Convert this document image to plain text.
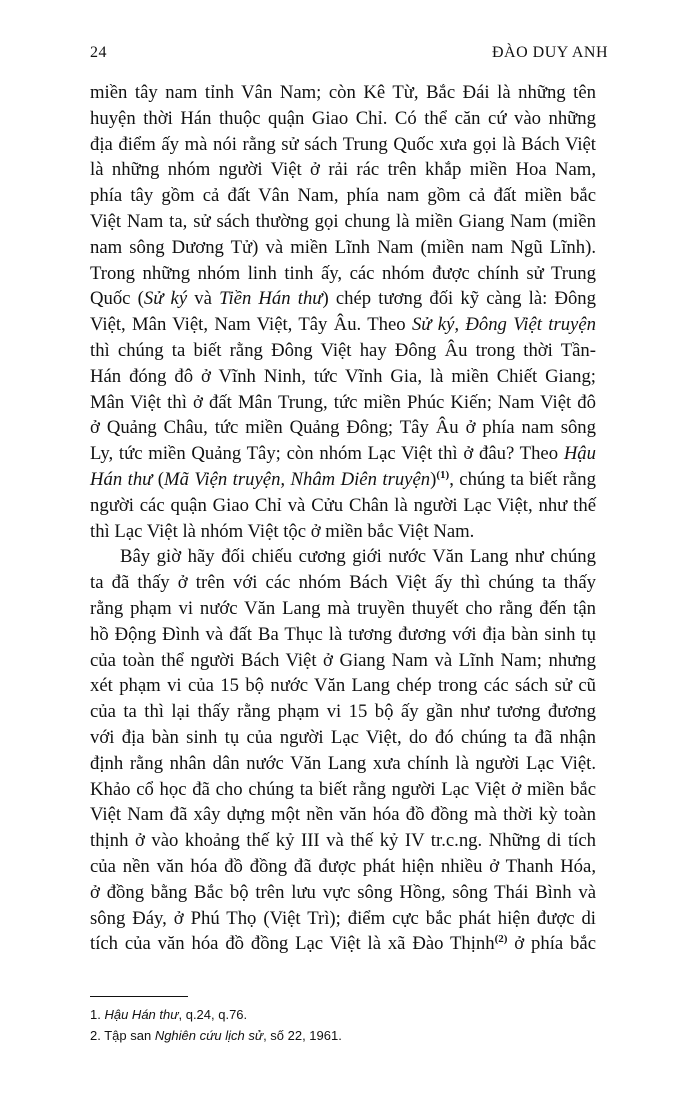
24	ĐÀO DUY ANH
miền tây nam tỉnh Vân Nam; còn Kê Từ, Bắc Đái là những tên
huyện thời Hán thuộc quận Giao Chỉ. Có thể căn cứ vào những
địa điểm ấy mà nói rằng sử sách Trung Quốc xưa gọi là Bách Việt
là những nhóm người Việt ở rải rác trên khắp miền Hoa Nam,
phía tây gồm cả đất Vân Nam, phía nam gồm cả đất miền bắc
Việt Nam ta, sử sách thường gọi chung là miền Giang Nam (miền
nam sông Dương Tử) và miền Lĩnh Nam (miền nam Ngũ Lĩnh).
Trong những nhóm linh tinh ấy, các nhóm được chính sử Trung
Quốc (Sử ký và Tiền Hán thư) chép tương đối kỹ càng là: Đông
Việt, Mân Việt, Nam Việt, Tây Âu. Theo Sử ký, Đông Việt truyện
thì chúng ta biết rằng Đông Việt hay Đông Âu trong thời Tần-
Hán đóng đô ở Vĩnh Ninh, tức Vĩnh Gia, là miền Chiết Giang;
Mân Việt thì ở đất Mân Trung, tức miền Phúc Kiến; Nam Việt đô
ở Quảng Châu, tức miền Quảng Đông; Tây Âu ở phía nam sông
Ly, tức miền Quảng Tây; còn nhóm Lạc Việt thì ở đâu? Theo Hậu
Hán thư (Mã Viện truyện, Nhâm Diên truyện)$^{(1)}$, chúng ta biết rằng
người các quận Giao Chỉ và Cửu Chân là người Lạc Việt, như thế
thì Lạc Việt là nhóm Việt tộc ở miền bắc Việt Nam.
Bây giờ hãy đối chiếu cương giới nước Văn Lang như chúng
ta đã thấy ở trên với các nhóm Bách Việt ấy thì chúng ta thấy
rằng phạm vi nước Văn Lang mà truyền thuyết cho rằng đến tận
hồ Động Đình và đất Ba Thục là tương đương với địa bàn sinh tụ
của toàn thể người Bách Việt ở Giang Nam và Lĩnh Nam; nhưng
xét phạm vi của 15 bộ nước Văn Lang chép trong các sách sử cũ
của ta thì lại thấy rằng phạm vi 15 bộ ấy gần như tương đương
với địa bàn sinh tụ của người Lạc Việt, do đó chúng ta đã nhận
định rằng nhân dân nước Văn Lang xưa chính là người Lạc Việt.
Khảo cổ học đã cho chúng ta biết rằng người Lạc Việt ở miền bắc
Việt Nam đã xây dựng một nền văn hóa đồ đồng mà thời kỳ toàn
thịnh ở vào khoảng thế kỷ III và thế kỷ IV tr.c.ng. Những di tích
của nền văn hóa đồ đồng đã được phát hiện nhiều ở Thanh Hóa,
ở đồng bằng Bắc bộ trên lưu vực sông Hồng, sông Thái Bình và
sông Đáy, ở Phú Thọ (Việt Trì); điểm cực bắc phát hiện được di
tích của văn hóa đồ đồng Lạc Việt là xã Đào Thịnh$^{(2)}$ ở phía bắc
1. Hậu Hán thư, q.24, q.76.
2. Tập san Nghiên cứu lịch sử, số 22, 1961.
